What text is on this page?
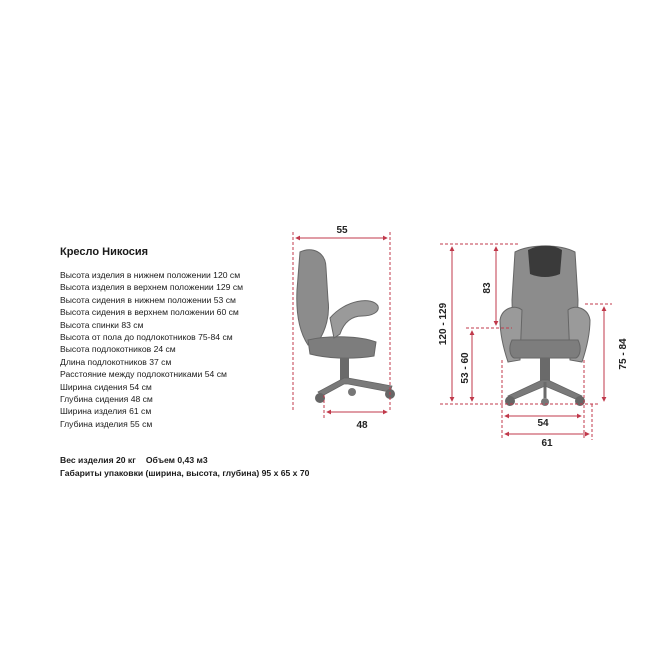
Кресло Никосия
Высота изделия в нижнем положении 120 см
Высота изделия в верхнем положении 129 см
Высота сидения в нижнем положении 53 см
Высота сидения в верхнем положении 60 см
Высота спинки 83 см
Высота от пола до подлокотников 75-84 см
Высота подлокотников 24 см
Длина подлокотников 37 см
Расстояние между подлокотниками 54 см
Ширина сидения 54 см
Глубина сидения 48 см
Ширина изделия 61 см
Глубина изделия 55 см
Вес изделия 20 кг Объем 0,43 м3
Габариты упаковки (ширина, высота, глубина) 95 x 65 x 70
55
48
120 - 129
53 - 60
83
75 - 84
54
61
